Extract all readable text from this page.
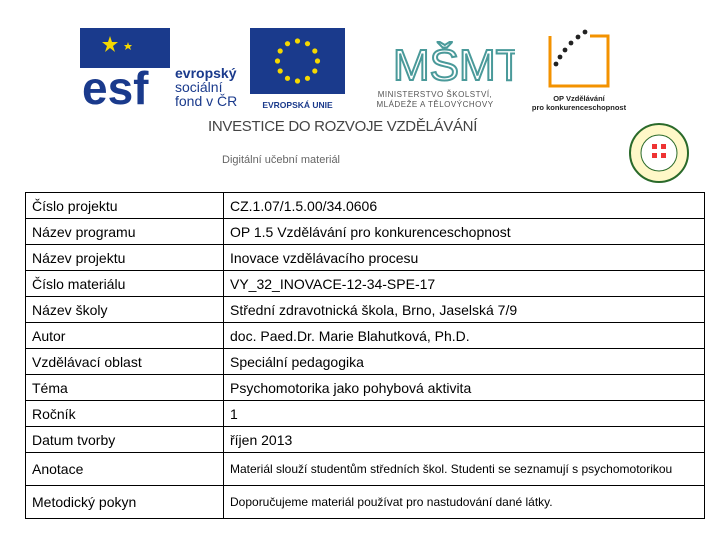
esf evropský
sociální
fond v ČR	EVROPSKÁ UNIE
MŠMT
MINISTERSTVO ŠKOLSTVÍ,
MLÁDEŽE A TĚLOVÝCHOVY
OP Vzdělávání
pro konkurenceschopnost
INVESTICE DO ROZVOJE VZDĚLÁVÁNÍ
Digitální učební materiál
Číslo projektu	CZ.1.07/1.5.00/34.0606
Název programu	OP 1.5 Vzdělávání pro konkurenceschopnost
Název projektu	Inovace vzdělávacího procesu
Číslo materiálu	VY_32_INOVACE-12-34-SPE-17
Název školy	Střední zdravotnická škola, Brno, Jaselská 7/9
Autor	doc. Paed.Dr. Marie Blahutková, Ph.D.
Vzdělávací oblast	Speciální pedagogika
Téma	Psychomotorika jako pohybová aktivita
Ročník	1
Datum tvorby	říjen 2013
Anotace	Materiál slouží studentům středních škol. Studenti se seznamují s psychomotorikou
Metodický pokyn	Doporučujeme materiál používat pro nastudování dané látky.
